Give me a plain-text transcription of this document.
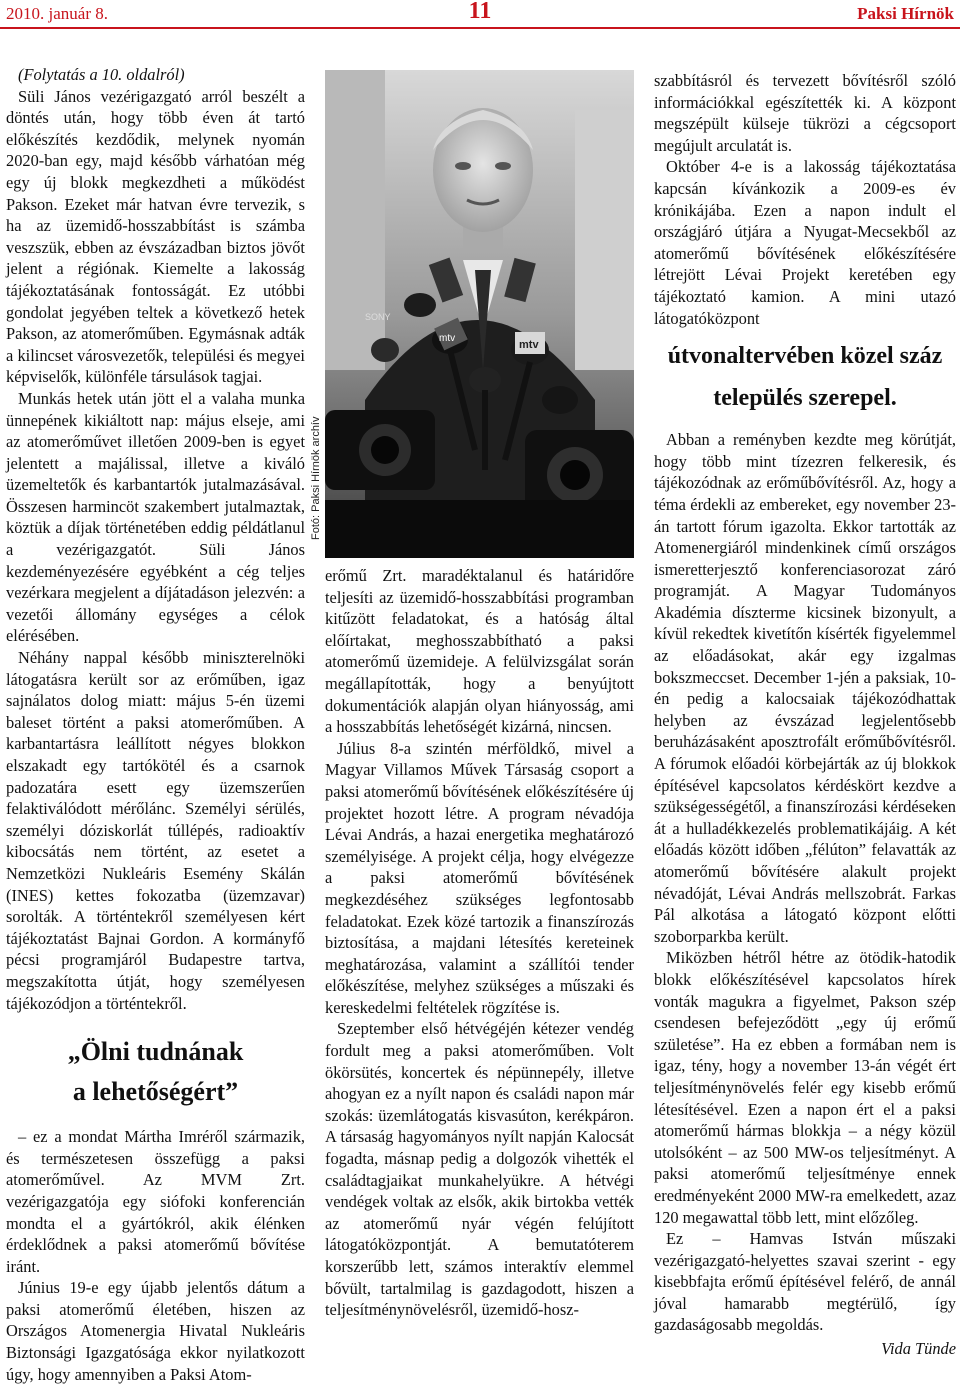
2010. január 8.	11	Paksi Hírnök

(Folytatás a 10. oldalról)

Süli János vezérigazgató arról beszélt a döntés után, hogy több éven át tartó előkészítés kezdődik, melynek nyomán 2020-ban egy, majd később várhatóan még egy új blokk megkezdheti a működést Pakson. Ezeket már hatvan évre tervezik, s ha az üzemidő-hosszabbítást is számba veszszük, ebben az évszázadban biztos jövőt jelent a régiónak. Kiemelte a lakosság tájékoztatásának fontosságát. Ez utóbbi gondolat jegyében teltek a következő hetek Pakson, az atomerőműben. Egymásnak adták a kilincset városvezetők, települési és megyei képviselők, különféle társulások tagjai.

Munkás hetek után jött el a valaha munka ünnepének kikiáltott nap: május elseje, ami az atomerőművet illetően 2009-ben is egyet jelentett a majálissal, illetve a kiváló üzemeltetők és karbantartók jutalmazásával. Összesen harmincöt szakembert jutalmaztak, köztük a díjak történetében eddig példátlanul a vezérigazgatót. Süli János kezdeményezésére egyébként a cég teljes vezérkara megjelent a díjátadáson jelezvén: a vezetői állomány egységes a célok elérésében.

Néhány nappal később miniszterelnöki látogatásra került sor az erőműben, igaz sajnálatos dolog miatt: május 5-én üzemi baleset történt a paksi atomerőműben. A karbantartásra leállított négyes blokkon elszakadt egy tartókötél és a csarnok padozatára esett egy üzemszerűen felaktiválódott mérőlánc. Személyi sérülés, személyi dóziskorlát túllépés, radioaktív kibocsátás nem történt, az esetet a Nemzetközi Nukleáris Esemény Skálán (INES) kettes fokozatba (üzemzavar) sorolták. A történtekről személyesen kért tájékoztatást Bajnai Gordon. A kormányfő pécsi programjáról Budapestre tartva, megszakította útját, hogy személyesen tájékozódjon a történtekről.

„Ölni tudnának
a lehetőségért”

– ez a mondat Mártha Imréről származik, és természetesen összefügg a paksi atomerőművel. Az MVM Zrt. vezérigazgatója egy siófoki konferencián mondta el a gyártókról, akik élénken érdeklődnek a paksi atomerőmű bővítése iránt.

Június 19-e egy újabb jelentős dátum a paksi atomerőmű életében, hiszen az Országos Atomenergia Hivatal Nukleáris Biztonsági Igazgatósága ekkor nyilatkozott úgy, hogy amennyiben a Paksi Atom-

mtv
mtv
SONY
Fotó: Paksi Hírnök archív

erőmű Zrt. maradéktalanul és határidőre teljesíti az üzemidő-hosszabbítási programban kitűzött feladatokat, és a hatóság által előírtakat, meghosszabbítható a paksi atomerőmű üzemideje. A felülvizsgálat során megállapították, hogy a benyújtott dokumentációk alapján olyan hiányosság, ami a hosszabbítás lehetőségét kizárná, nincsen.

Július 8-a szintén mérföldkő, mivel a Magyar Villamos Művek Társaság csoport a paksi atomerőmű bővítésének előkészítésére új projektet hozott létre. A program névadója Lévai András, a hazai energetika meghatározó személyisége. A projekt célja, hogy elvégezze a paksi atomerőmű bővítésének megkezdéséhez szükséges legfontosabb feladatokat. Ezek közé tartozik a finanszírozás biztosítása, a majdani létesítés kereteinek meghatározása, valamint a szállítói tender előkészítése, melyhez szükséges a műszaki és kereskedelmi feltételek rögzítése is.

Szeptember első hétvégéjén kétezer vendég fordult meg a paksi atomerőműben. Volt ökörsütés, koncertek és népünnepély, illetve ahogyan ez a nyílt napon és családi napon már szokás: üzemlátogatás kisvasúton, kerékpáron. A társaság hagyományos nyílt napján Kalocsát fogadta, másnap pedig a dolgozók vihették el családtagjaikat munkahelyükre. A hétvégi vendégek voltak az elsők, akik birtokba vették az atomerőmű nyár végén felújított látogatóközpontját. A bemutatóterem korszerűbb lett, számos interaktív elemmel bővült, tartalmilag is gazdagodott, hiszen a teljesítménynövelésről, üzemidő-hosz-

szabbításról és tervezett bővítésről szóló információkkal egészítették ki. A központ megszépült külseje tükrözi a cégcsoport megújult arculatát is.

Október 4-e is a lakosság tájékoztatása kapcsán kívánkozik a 2009-es év krónikájába. Ezen a napon indult el országjáró útjára a Nyugat-Mecsekből az atomerőmű bővítésének előkészítésére létrejött Lévai Projekt keretében egy tájékoztató kamion. A mini utazó látogatóközpont

útvonaltervében közel száz
település szerepel.

Abban a reményben kezdte meg körútját, hogy több mint tízezren felkeresik, és tájékozódnak az erőműbővítésről. Az, hogy a téma érdekli az embereket, egy november 23-án tartott fórum igazolta. Ekkor tartották az Atomenergiáról mindenkinek című országos ismeretterjesztő konferenciasorozat záró programját. A Magyar Tudományos Akadémia díszterme kicsinek bizonyult, a kívül rekedtek kivetítőn kísérték figyelemmel az előadásokat, akár egy izgalmas bokszmeccset. December 1-jén a paksiak, 10-én pedig a kalocsaiak tájékozódhattak helyben az évszázad legjelentősebb beruházásaként aposztrofált erőműbővítésről. A fórumok előadói körbejárták az új blokkok építésével kapcsolatos kérdéskört kezdve a szükségességétől, a finanszírozási kérdéseken át a hulladékkezelés problematikájáig. A két előadás között időben „félúton” felavatták az atomerőmű bővítésére alakult projekt névadóját, Lévai András mellszobrát. Farkas Pál alkotása a látogató központ előtti szoborparkba került.

Miközben hétről hétre az ötödik-hatodik blokk előkészítésével kapcsolatos hírek vonták magukra a figyelmet, Pakson szép csendesen befejeződött „egy új erőmű születése”. Ha ez ebben a formában nem is igaz, tény, hogy a november 13-án végét ért teljesítménynövelés felér egy kisebb erőmű létesítésével. Ezen a napon ért el a paksi atomerőmű hármas blokkja – a négy közül utolsóként – az 500 MW-os teljesítményt. A paksi atomerőmű teljesítménye ennek eredményeként 2000 MW-ra emelkedett, azaz 120 megawattal több lett, mint előzőleg.

Ez – Hamvas István műszaki vezérigazgató-helyettes szavai szerint - egy kisebbfajta erőmű építésével felérő, de annál jóval hamarabb megtérülő, így gazdaságosabb megoldás.

Vida Tünde
